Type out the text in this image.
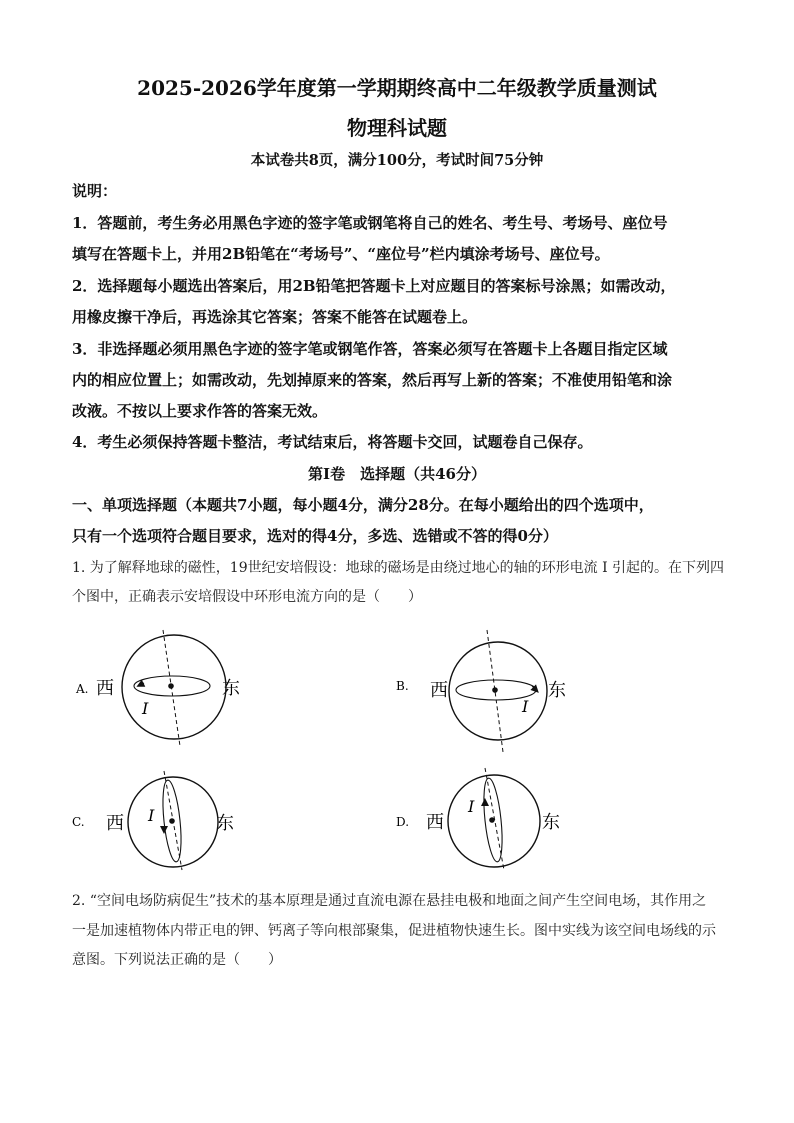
2025-2026学年度第一学期期终高中二年级教学质量测试
物理科试题
本试卷共8页，满分100分，考试时间75分钟
说明：
1．答题前，考生务必用黑色字迹的签字笔或钢笔将自己的姓名、考生号、考场号、座位号
填写在答题卡上，并用2B铅笔在“考场号”、“座位号”栏内填涂考场号、座位号。
2．选择题每小题选出答案后，用2B铅笔把答题卡上对应题目的答案标号涂黑；如需改动，
用橡皮擦干净后，再选涂其它答案；答案不能答在试题卷上。
3．非选择题必须用黑色字迹的签字笔或钢笔作答，答案必须写在答题卡上各题目指定区域
内的相应位置上；如需改动，先划掉原来的答案，然后再写上新的答案；不准使用铅笔和涂
改液。不按以上要求作答的答案无效。
4．考生必须保持答题卡整洁，考试结束后，将答题卡交回，试题卷自己保存。
第I卷　选择题（共46分）
一、单项选择题（本题共7小题，每小题4分，满分28分。在每小题给出的四个选项中，
只有一个选项符合题目要求，选对的得4分，多选、选错或不答的得0分）
1. 为了解释地球的磁性，19世纪安培假设：地球的磁场是由绕过地心的轴的环形电流 I 引起的。在下列四
个图中，正确表示安培假设中环形电流方向的是（　　）
A. 西	东
I
B. 西	东
I
C. 西	东
I	D. 西	东
I
2. “空间电场防病促生”技术的基本原理是通过直流电源在悬挂电极和地面之间产生空间电场，其作用之
一是加速植物体内带正电的钾、钙离子等向根部聚集，促进植物快速生长。图中实线为该空间电场线的示
意图。下列说法正确的是（　　）
